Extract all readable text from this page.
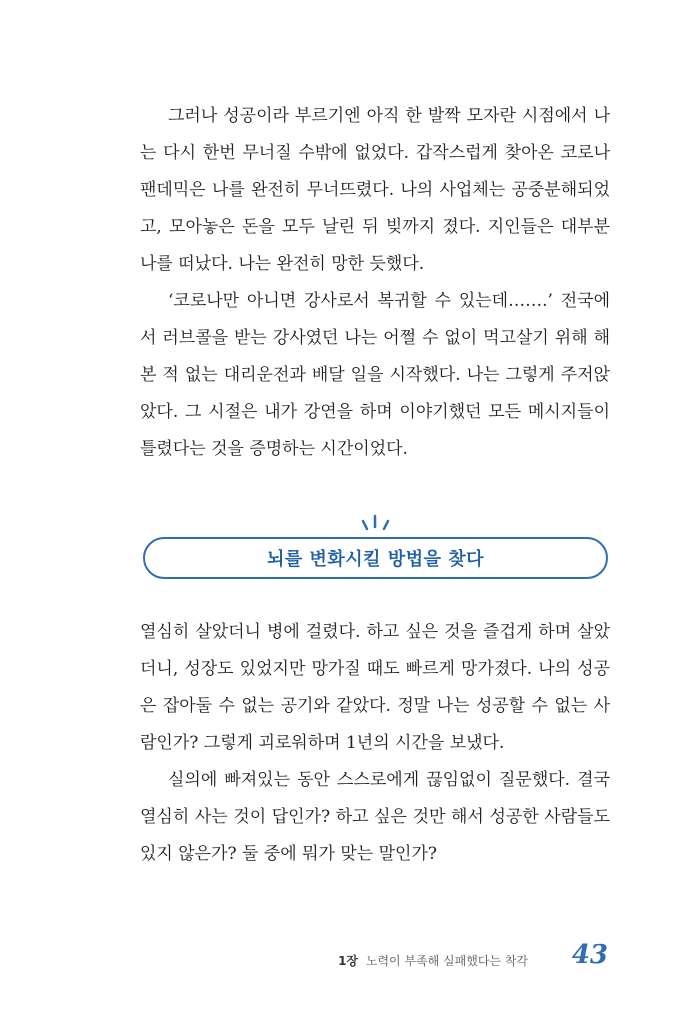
그러나 성공이라 부르기엔 아직 한 발짝 모자란 시점에서 나는 다시 한번 무너질 수밖에 없었다. 갑작스럽게 찾아온 코로나 팬데믹은 나를 완전히 무너뜨렸다. 나의 사업체는 공중분해되었고, 모아놓은 돈을 모두 날린 뒤 빚까지 졌다. 지인들은 대부분 나를 떠났다. 나는 완전히 망한 듯했다.

‘코로나만 아니면 강사로서 복귀할 수 있는데…….’ 전국에서 러브콜을 받는 강사였던 나는 어쩔 수 없이 먹고살기 위해 해본 적 없는 대리운전과 배달 일을 시작했다. 나는 그렇게 주저앉았다. 그 시절은 내가 강연을 하며 이야기했던 모든 메시지들이 틀렸다는 것을 증명하는 시간이었다.

뇌를 변화시킬 방법을 찾다

열심히 살았더니 병에 걸렸다. 하고 싶은 것을 즐겁게 하며 살았더니, 성장도 있었지만 망가질 때도 빠르게 망가졌다. 나의 성공은 잡아둘 수 없는 공기와 같았다. 정말 나는 성공할 수 없는 사람인가? 그렇게 괴로워하며 1년의 시간을 보냈다.

실의에 빠져있는 동안 스스로에게 끊임없이 질문했다. 결국 열심히 사는 것이 답인가? 하고 싶은 것만 해서 성공한 사람들도 있지 않은가? 둘 중에 뭐가 맞는 말인가?

1장 노력이 부족해 실패했다는 착각 43
